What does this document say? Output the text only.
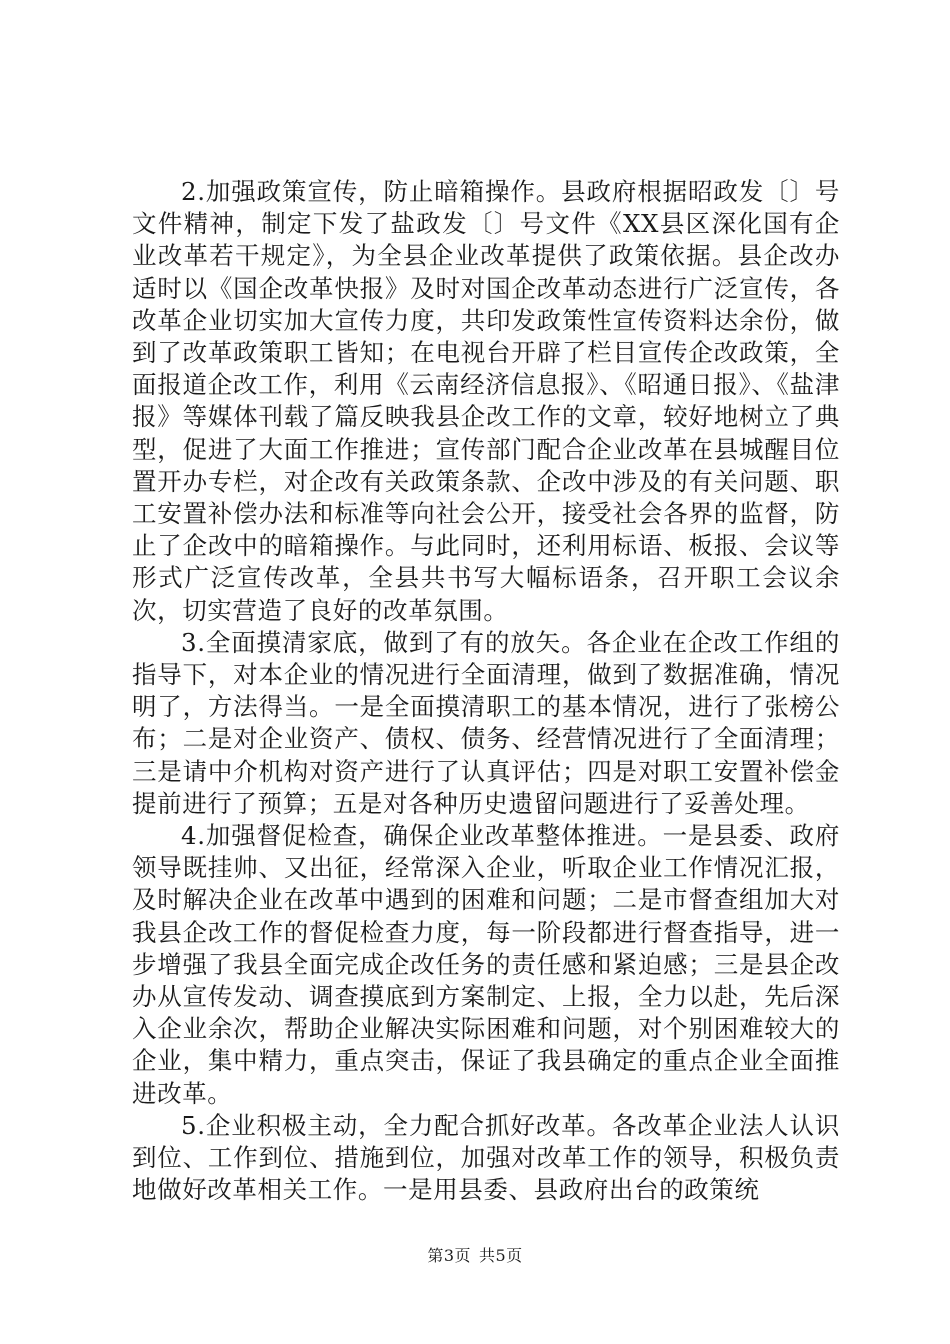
2.加强政策宣传，防止暗箱操作。县政府根据昭政发〔〕号文件精神，制定下发了盐政发〔〕号文件《XX县区深化国有企业改革若干规定》，为全县企业改革提供了政策依据。县企改办适时以《国企改革快报》及时对国企改革动态进行广泛宣传，各改革企业切实加大宣传力度，共印发政策性宣传资料达余份，做到了改革政策职工皆知；在电视台开辟了栏目宣传企改政策，全面报道企改工作，利用《云南经济信息报》、《昭通日报》、《盐津报》等媒体刊载了篇反映我县企改工作的文章，较好地树立了典型，促进了大面工作推进；宣传部门配合企业改革在县城醒目位置开办专栏，对企改有关政策条款、企改中涉及的有关问题、职工安置补偿办法和标准等向社会公开，接受社会各界的监督，防止了企改中的暗箱操作。与此同时，还利用标语、板报、会议等形式广泛宣传改革，全县共书写大幅标语条，召开职工会议余次，切实营造了良好的改革氛围。

3.全面摸清家底，做到了有的放矢。各企业在企改工作组的指导下，对本企业的情况进行全面清理，做到了数据准确，情况明了，方法得当。一是全面摸清职工的基本情况，进行了张榜公布；二是对企业资产、债权、债务、经营情况进行了全面清理；三是请中介机构对资产进行了认真评估；四是对职工安置补偿金提前进行了预算；五是对各种历史遗留问题进行了妥善处理。

4.加强督促检查，确保企业改革整体推进。一是县委、政府领导既挂帅、又出征，经常深入企业，听取企业工作情况汇报，及时解决企业在改革中遇到的困难和问题；二是市督查组加大对我县企改工作的督促检查力度，每一阶段都进行督查指导，进一步增强了我县全面完成企改任务的责任感和紧迫感；三是县企改办从宣传发动、调查摸底到方案制定、上报，全力以赴，先后深入企业余次，帮助企业解决实际困难和问题，对个别困难较大的企业，集中精力，重点突击，保证了我县确定的重点企业全面推进改革。

5.企业积极主动，全力配合抓好改革。各改革企业法人认识到位、工作到位、措施到位，加强对改革工作的领导，积极负责地做好改革相关工作。一是用县委、县政府出台的政策统

第3页 共5页
